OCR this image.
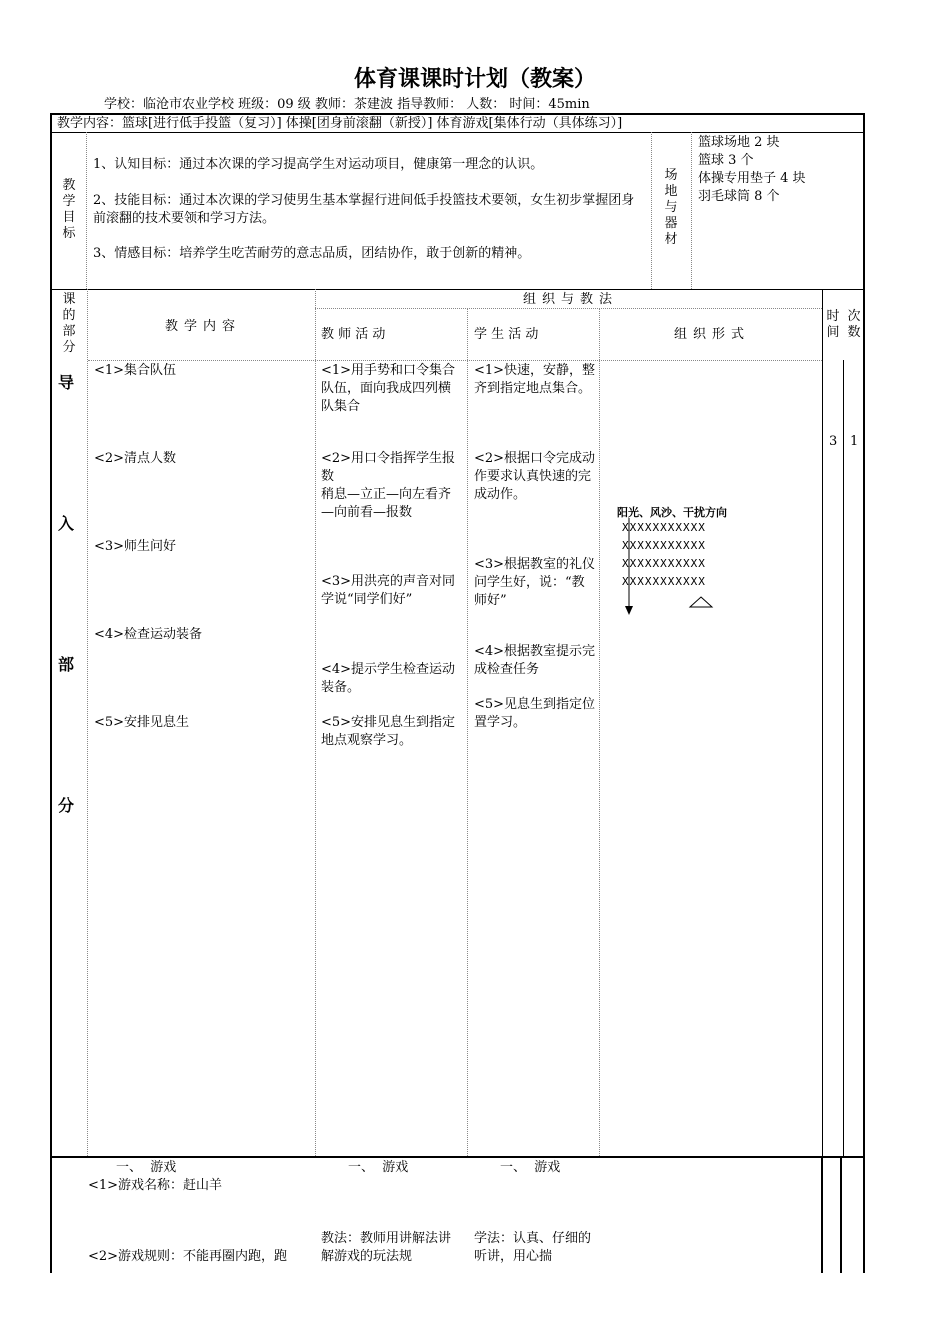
体育课课时计划（教案）
学校：临沧市农业学校 班级：09 级 教师：茶建波 指导教师： 人数： 时间：45min
教学内容：篮球[进行低手投篮（复习）] 体操[团身前滚翻（新授）] 体育游戏[集体行动（具体练习）]
教学目标
1、认知目标：通过本次课的学习提高学生对运动项目，健康第一理念的认识。
2、技能目标：通过本次课的学习使男生基本掌握行进间低手投篮技术要领，女生初步掌握团身前滚翻的技术要领和学习方法。
3、情感目标：培养学生吃苦耐劳的意志品质，团结协作，敢于创新的精神。
场地与器材
篮球场地 2 块
篮球 3 个
体操专用垫子 4 块
羽毛球筒 8 个
课的部分
教学内容
组织与教法
教 师 活 动	学 生 活 动	组织形式
时间
次数
导
入
部
分
<1>集合队伍
<2>清点人数
<3>师生问好
<4>检查运动装备
<5>安排见息生
<1>用手势和口令集合队伍，面向我成四列横队集合
<2>用口令指挥学生报数
稍息—立正—向左看齐—向前看—报数
<3>用洪亮的声音对同学说“同学们好”
<4>提示学生检查运动装备。
<5>安排见息生到指定地点观察学习。
<1>快速，安静，整齐到指定地点集合。
<2>根据口令完成动作要求认真快速的完成动作。
<3>根据教室的礼仪问学生好，说：“教师好”
<4>根据教室提示完成检查任务
<5>见息生到指定位置学习。
阳光、风沙、干扰方向
XXXXXXXXXXX
XXXXXXXXXXX
XXXXXXXXXXX
XXXXXXXXXXX
3 1
一、  游戏
<1>游戏名称：赶山羊
<2>游戏规则：不能再圈内跑，跑
一、  游戏
教法：教师用讲解法讲解游戏的玩法规
一、  游戏
学法：认真、仔细的听讲，用心揣
